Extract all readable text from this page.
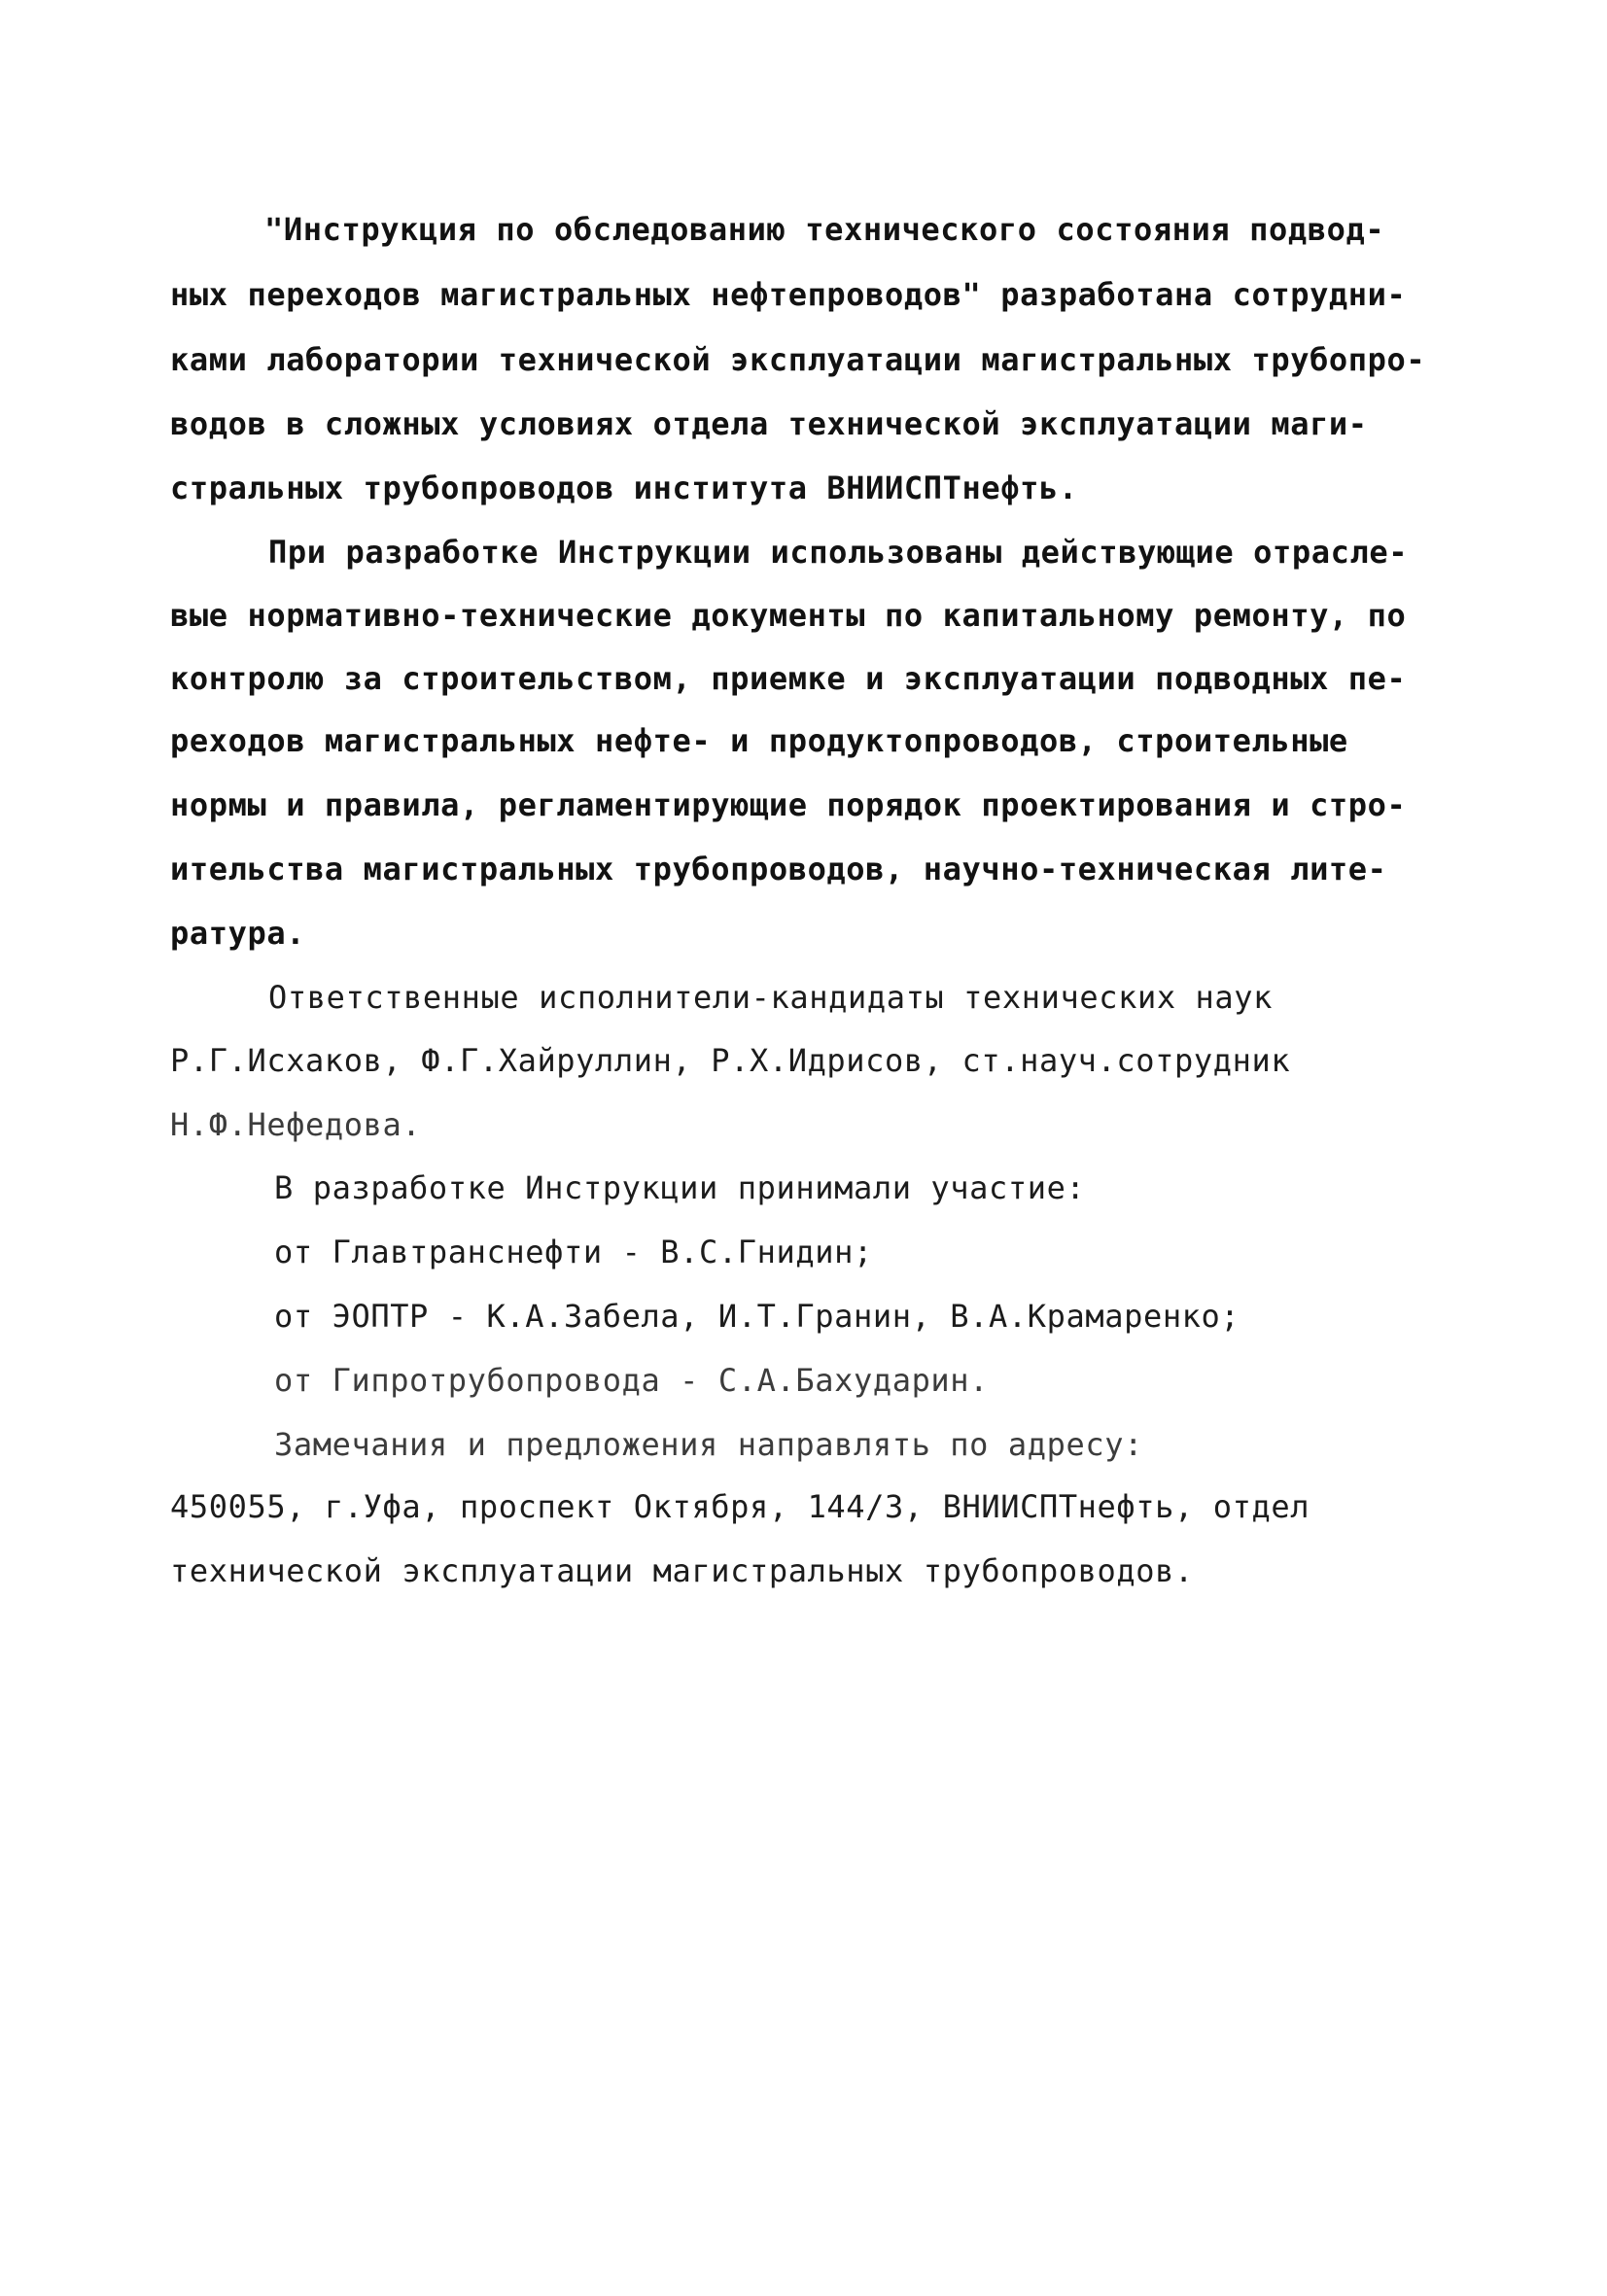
"Инструкция по обследованию технического состояния подвод-
ных переходов магистральных нефтепроводов" разработана сотрудни-
ками лаборатории технической эксплуатации магистральных трубопро-
водов в сложных условиях отдела технической эксплуатации маги-
стральных трубопроводов института ВНИИСПТнефть.
При разработке Инструкции использованы действующие отрасле-
вые нормативно-технические документы по капитальному ремонту, по
контролю за строительством, приемке и эксплуатации подводных пе-
реходов магистральных нефте- и продуктопроводов, строительные
нормы и правила, регламентирующие порядок проектирования и стро-
ительства магистральных трубопроводов, научно-техническая лите-
ратура.
Ответственные исполнители-кандидаты технических наук
Р.Г.Исхаков, Ф.Г.Хайруллин, Р.Х.Идрисов, ст.науч.сотрудник
Н.Ф.Нефедова.
В разработке Инструкции принимали участие:
от Главтранснефти - В.С.Гнидин;
от ЭОПТР - К.А.Забела, И.Т.Гранин, В.А.Крамаренко;
от Гипротрубопровода - С.А.Бахударин.
Замечания и предложения направлять по адресу:
450055, г.Уфа, проспект Октября, 144/3, ВНИИСПТнефть, отдел
технической эксплуатации магистральных трубопроводов.
